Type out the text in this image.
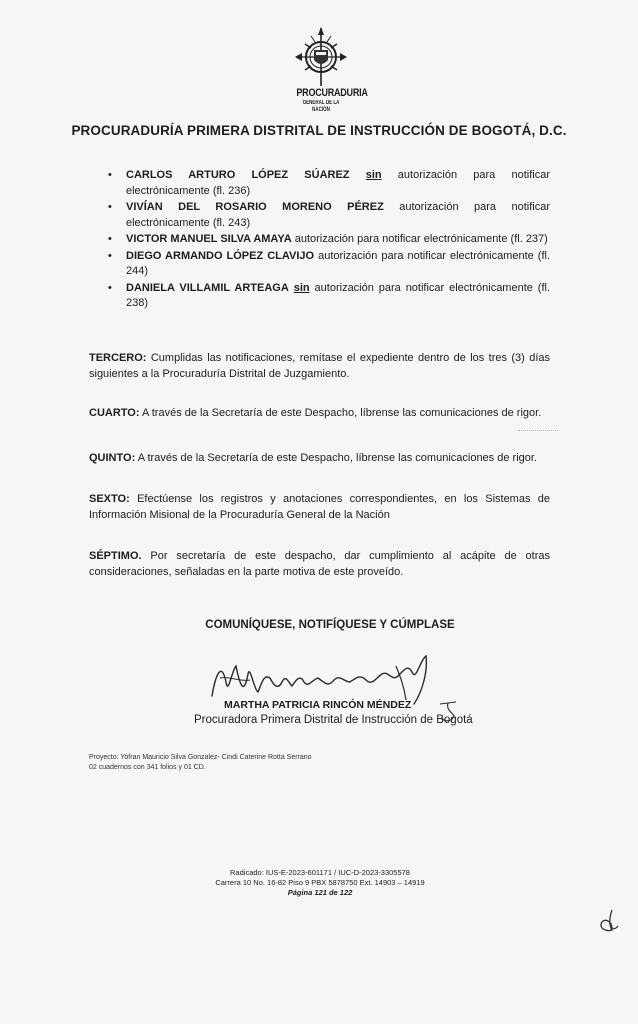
PROCURADURIA
GENERAL DE LA NACION
PROCURADURÍA PRIMERA DISTRITAL DE INSTRUCCIÓN DE BOGOTÁ, D.C.
• CARLOS ARTURO LÓPEZ SÚAREZ sin autorización para notificar
electrónicamente (fl. 236)
• VIVÍAN DEL ROSARIO MORENO PÉREZ autorización para notificar
electrónicamente (fl. 243)
• VICTOR MANUEL SILVA AMAYA autorización para notificar electrónicamente (fl. 237)
• DIEGO ARMANDO LÓPEZ CLAVIJO autorización para notificar electrónicamente (fl. 244)
• DANIELA VILLAMIL ARTEAGA sin autorización para notificar electrónicamente (fl. 238)

TERCERO: Cumplidas las notificaciones, remítase el expediente dentro de los tres (3) días siguientes a la Procuraduría Distrital de Juzgamiento.

CUARTO: A través de la Secretaría de este Despacho, líbrense las comunicaciones de rigor.

QUINTO: A través de la Secretaría de este Despacho, líbrense las comunicaciones de rigor.

SEXTO: Efectúense los registros y anotaciones correspondientes, en los Sistemas de Información Misional de la Procuraduría General de la Nación

SÉPTIMO. Por secretaría de este despacho, dar cumplimiento al acápite de otras consideraciones, señaladas en la parte motiva de este proveído.

COMUNÍQUESE, NOTIFÍQUESE Y CÚMPLASE
MARTHA PATRICIA RINCÓN MÉNDEZ
Procuradora Primera Distrital de Instrucción de Bogotá
Proyecto: Yofran Mauricio Silva Gonzalez- Cindi Caterine Rotta Serrano
02 cuadernos con 341 folios y 01 CD.
Radicado: IUS-E-2023-601171 / IUC-D-2023-3305578
Carrera 10 No. 16-82 Piso 9 PBX 5878750 Ext. 14903 – 14919
Página 121 de 122
